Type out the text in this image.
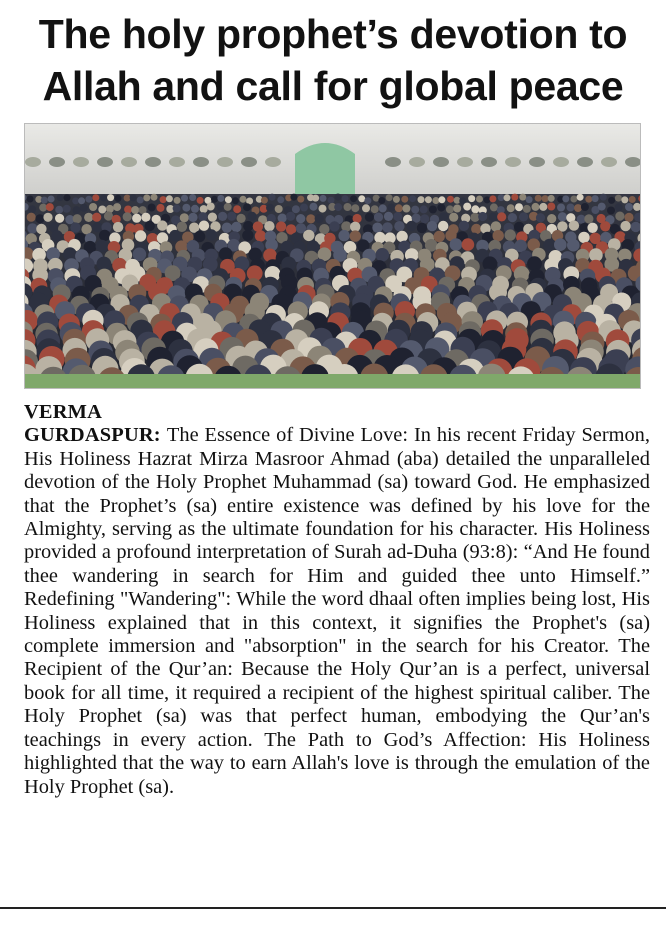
The holy prophet’s devotion to
Allah and call for global peace
VERMA
GURDASPUR: The Essence of Divine Love: In his recent Friday Sermon, His Holiness Hazrat Mirza Masroor Ahmad (aba) detailed the unparalleled devotion of the Holy Prophet Muhammad (sa) toward God. He emphasized that the Prophet’s (sa) entire existence was defined by his love for the Almighty, serving as the ultimate foundation for his character. His Holiness provided a profound interpretation of Surah ad-Duha (93:8): “And He found thee wandering in search for Him and guided thee unto Himself.” Redefining "Wandering": While the word dhaal often implies being lost, His Holiness explained that in this context, it signifies the Prophet's (sa) complete immersion and "absorption" in the search for his Creator. The Recipient of the Qur’an: Because the Holy Qur’an is a perfect, universal book for all time, it required a recipient of the highest spiritual caliber. The Holy Prophet (sa) was that perfect human, embodying the Qur’an's teachings in every action. The Path to God’s Affection: His Holiness highlighted that the way to earn Allah's love is through the emulation of the Holy Prophet (sa).
